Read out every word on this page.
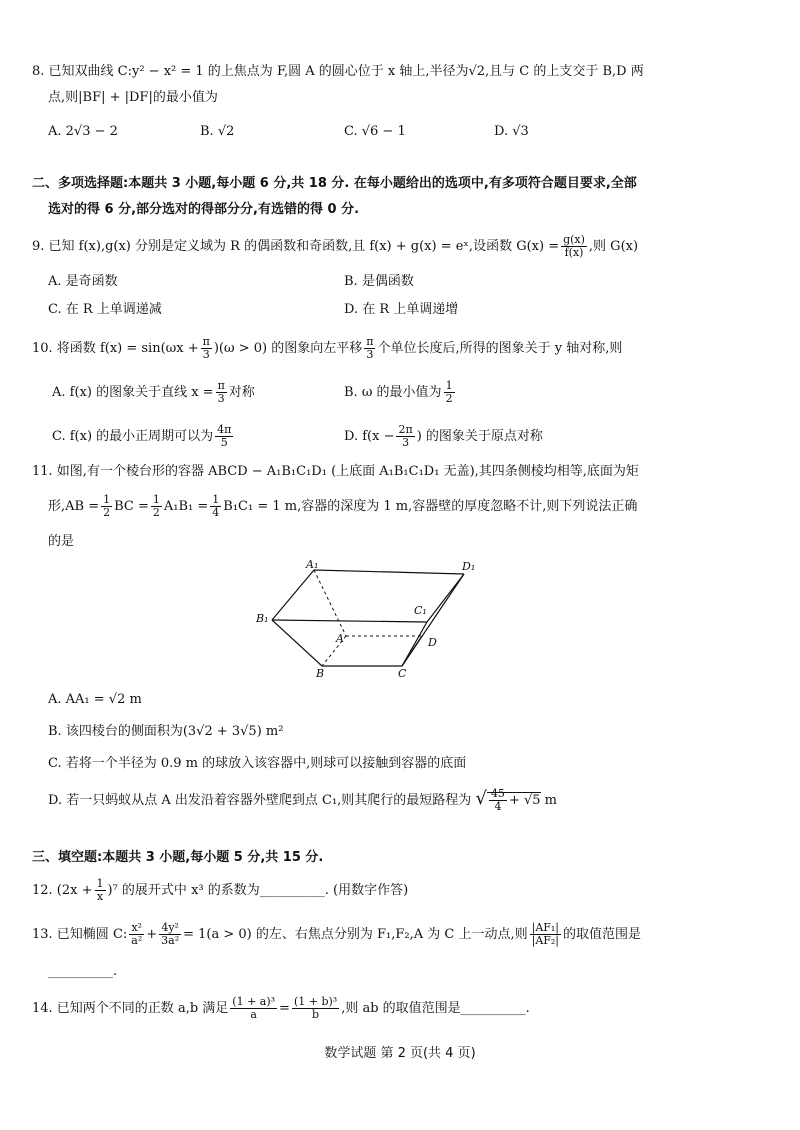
8. 已知双曲线 C:y² − x² = 1 的上焦点为 F,圆 A 的圆心位于 x 轴上,半径为√2,且与 C 的上支交于 B,D 两
点,则|BF| + |DF|的最小值为
A. 2√3 − 2	B. √2	C. √6 − 1	D. √3
二、多项选择题:本题共 3 小题,每小题 6 分,共 18 分. 在每小题给出的选项中,有多项符合题目要求,全部
选对的得 6 分,部分选对的得部分分,有选错的得 0 分.
9. 已知 f(x),g(x) 分别是定义域为 R 的偶函数和奇函数,且 f(x) + g(x) = eˣ,设函数 $G(x) = \frac{g(x)}{f(x)}$ ,则 G(x)
A. 是奇函数	B. 是偶函数
C. 在 R 上单调递减	D. 在 R 上单调递增
10. 将函数 $f(x) = \sin(\omega x + \frac{\pi}{3} )(\omega > 0)$ 的图象向左平移 $\frac{\pi}{3}$ 个单位长度后,所得的图象关于 y 轴对称,则
A. f(x) 的图象关于直线 $x = \frac{\pi}{3}$ 对称	B. ω 的最小值为 $\frac{1}{2}$
C. f(x) 的最小正周期可以为 $\frac{4\pi}{5}$	D. $f(x - \frac{2\pi}{3}$ ) 的图象关于原点对称
11. 如图,有一个棱台形的容器 ABCD − A₁B₁C₁D₁ (上底面 A₁B₁C₁D₁ 无盖),其四条侧棱均相等,底面为矩
形$,AB = \frac{1}{2}$ BC = $\frac{1}{2} A_1B_1 = \frac{1}{4} B_1C_1 = 1$ m,容器的深度为 1 m,容器壁的厚度忽略不计,则下列说法正确
的是
A₁	D₁
B₁
C₁
A	D
B	C
A. AA₁ = √2 m
B. 该四棱台的侧面积为(3√2 + 3√5) m²
C. 若将一个半径为 0.9 m 的球放入该容器中,则球可以接触到容器的底面
D. 若一只蚂蚁从点 A 出发沿着容器外壁爬到点 C₁,则其爬行的最短路程为 √ $\frac{45}{4} + √5$ m
三、填空题:本题共 3 小题,每小题 5 分,共 15 分.
12. $(2x + \frac{1}{x} )^7$ 的展开式中 x³ 的系数为__________. (用数字作答)
13. 已知椭圆 C: $\frac{\text{x²}}{\text{a²}} + \frac{\text{4y²}}{\text{3a²}} = 1(a > 0)$ 的左、右焦点分别为 F₁,F₂,A 为 C 上一动点,则 $\frac{\text{|AF₁|}}{\text{|AF₂|}}$ 的取值范围是
__________.
14. 已知两个不同的正数 a,b 满足 $\frac{\text{(1 + a)³}}{a} = \frac{\text{(1 + b)³}}{b}$ ,则 ab 的取值范围是__________.
数学试题 第 2 页(共 4 页)
